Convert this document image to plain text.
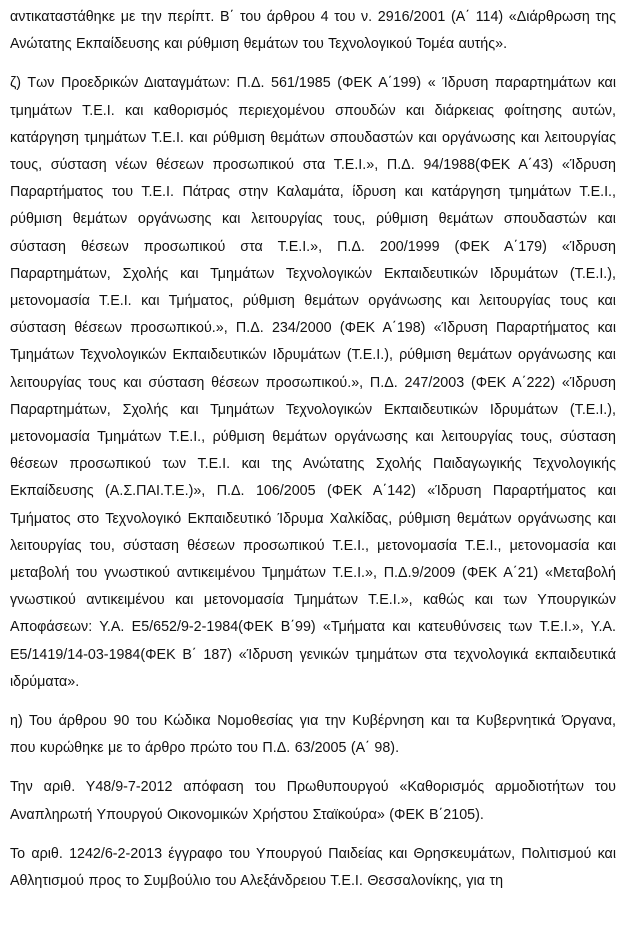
αντικαταστάθηκε με την περίπτ. Β΄ του άρθρου 4 του ν. 2916/2001 (Α΄ 114) «Διάρθρωση της Ανώτατης Εκπαίδευσης και ρύθμιση θεμάτων του Τεχνολογικού Τομέα αυτής».

ζ) Των Προεδρικών Διαταγμάτων: Π.Δ. 561/1985 (ΦΕΚ Α΄199) « Ίδρυση παραρτημάτων και τμημάτων Τ.Ε.Ι. και καθορισμός περιεχομένου σπουδών και διάρκειας φοίτησης αυτών, κατάργηση τμημάτων Τ.Ε.Ι. και ρύθμιση θεμάτων σπουδαστών και οργάνωσης και λειτουργίας τους, σύσταση νέων θέσεων προσωπικού στα Τ.Ε.Ι.», Π.Δ. 94/1988(ΦΕΚ Α΄43) «Ίδρυση Παραρτήματος του Τ.Ε.Ι. Πάτρας στην Καλαμάτα, ίδρυση και κατάργηση τμημάτων Τ.Ε.Ι., ρύθμιση θεμάτων οργάνωσης και λειτουργίας τους, ρύθμιση θεμάτων σπουδαστών και σύσταση θέσεων προσωπικού στα Τ.Ε.Ι.», Π.Δ. 200/1999 (ΦΕΚ Α΄179) «Ίδρυση Παραρτημάτων, Σχολής και Τμημάτων Τεχνολογικών Εκπαιδευτικών Ιδρυμάτων (Τ.Ε.Ι.), μετονομασία Τ.Ε.Ι. και Τμήματος, ρύθμιση θεμάτων οργάνωσης και λειτουργίας τους και σύσταση θέσεων προσωπικού.», Π.Δ. 234/2000 (ΦΕΚ Α΄198) «Ίδρυση Παραρτήματος και Τμημάτων Τεχνολογικών Εκπαιδευτικών Ιδρυμάτων (Τ.Ε.Ι.), ρύθμιση θεμάτων οργάνωσης και λειτουργίας τους και σύσταση θέσεων προσωπικού.», Π.Δ. 247/2003 (ΦΕΚ Α΄222) «Ίδρυση Παραρτημάτων, Σχολής και Τμημάτων Τεχνολογικών Εκπαιδευτικών Ιδρυμάτων (Τ.Ε.Ι.), μετονομασία Τμημάτων Τ.Ε.Ι., ρύθμιση θεμάτων οργάνωσης και λειτουργίας τους, σύσταση θέσεων προσωπικού των Τ.Ε.Ι. και της Ανώτατης Σχολής Παιδαγωγικής Τεχνολογικής Εκπαίδευσης (Α.Σ.ΠΑΙ.Τ.Ε.)», Π.Δ. 106/2005 (ΦΕΚ Α΄142) «Ίδρυση Παραρτήματος και Τμήματος στο Τεχνολογικό Εκπαιδευτικό Ίδρυμα Χαλκίδας, ρύθμιση θεμάτων οργάνωσης και λειτουργίας του, σύσταση θέσεων προσωπικού Τ.Ε.Ι., μετονομασία Τ.Ε.Ι., μετονομασία και μεταβολή του γνωστικού αντικειμένου Τμημάτων Τ.Ε.Ι.», Π.Δ.9/2009 (ΦΕΚ Α΄21) «Μεταβολή γνωστικού αντικειμένου και μετονομασία Τμημάτων Τ.Ε.Ι.», καθώς και των Υπουργικών Αποφάσεων: Υ.Α. Ε5/652/9-2-1984(ΦΕΚ Β΄99) «Τμήματα και κατευθύνσεις των Τ.Ε.Ι.», Υ.Α. Ε5/1419/14-03-1984(ΦΕΚ Β΄ 187) «Ίδρυση γενικών τμημάτων στα τεχνολογικά εκπαιδευτικά ιδρύματα».

η) Του άρθρου 90 του Κώδικα Νομοθεσίας για την Κυβέρνηση και τα Κυβερνητικά Όργανα, που κυρώθηκε με το άρθρο πρώτο του Π.Δ. 63/2005 (Α΄ 98).

Την αριθ. Υ48/9-7-2012 απόφαση του Πρωθυπουργού «Καθορισμός αρμοδιοτήτων του Αναπληρωτή Υπουργού Οικονομικών Χρήστου Σταϊκούρα» (ΦΕΚ Β΄2105).

Το αριθ. 1242/6-2-2013 έγγραφο του Υπουργού Παιδείας και Θρησκευμάτων, Πολιτισμού και Αθλητισμού προς το Συμβούλιο του Αλεξάνδρειου Τ.Ε.Ι. Θεσσαλονίκης, για τη
